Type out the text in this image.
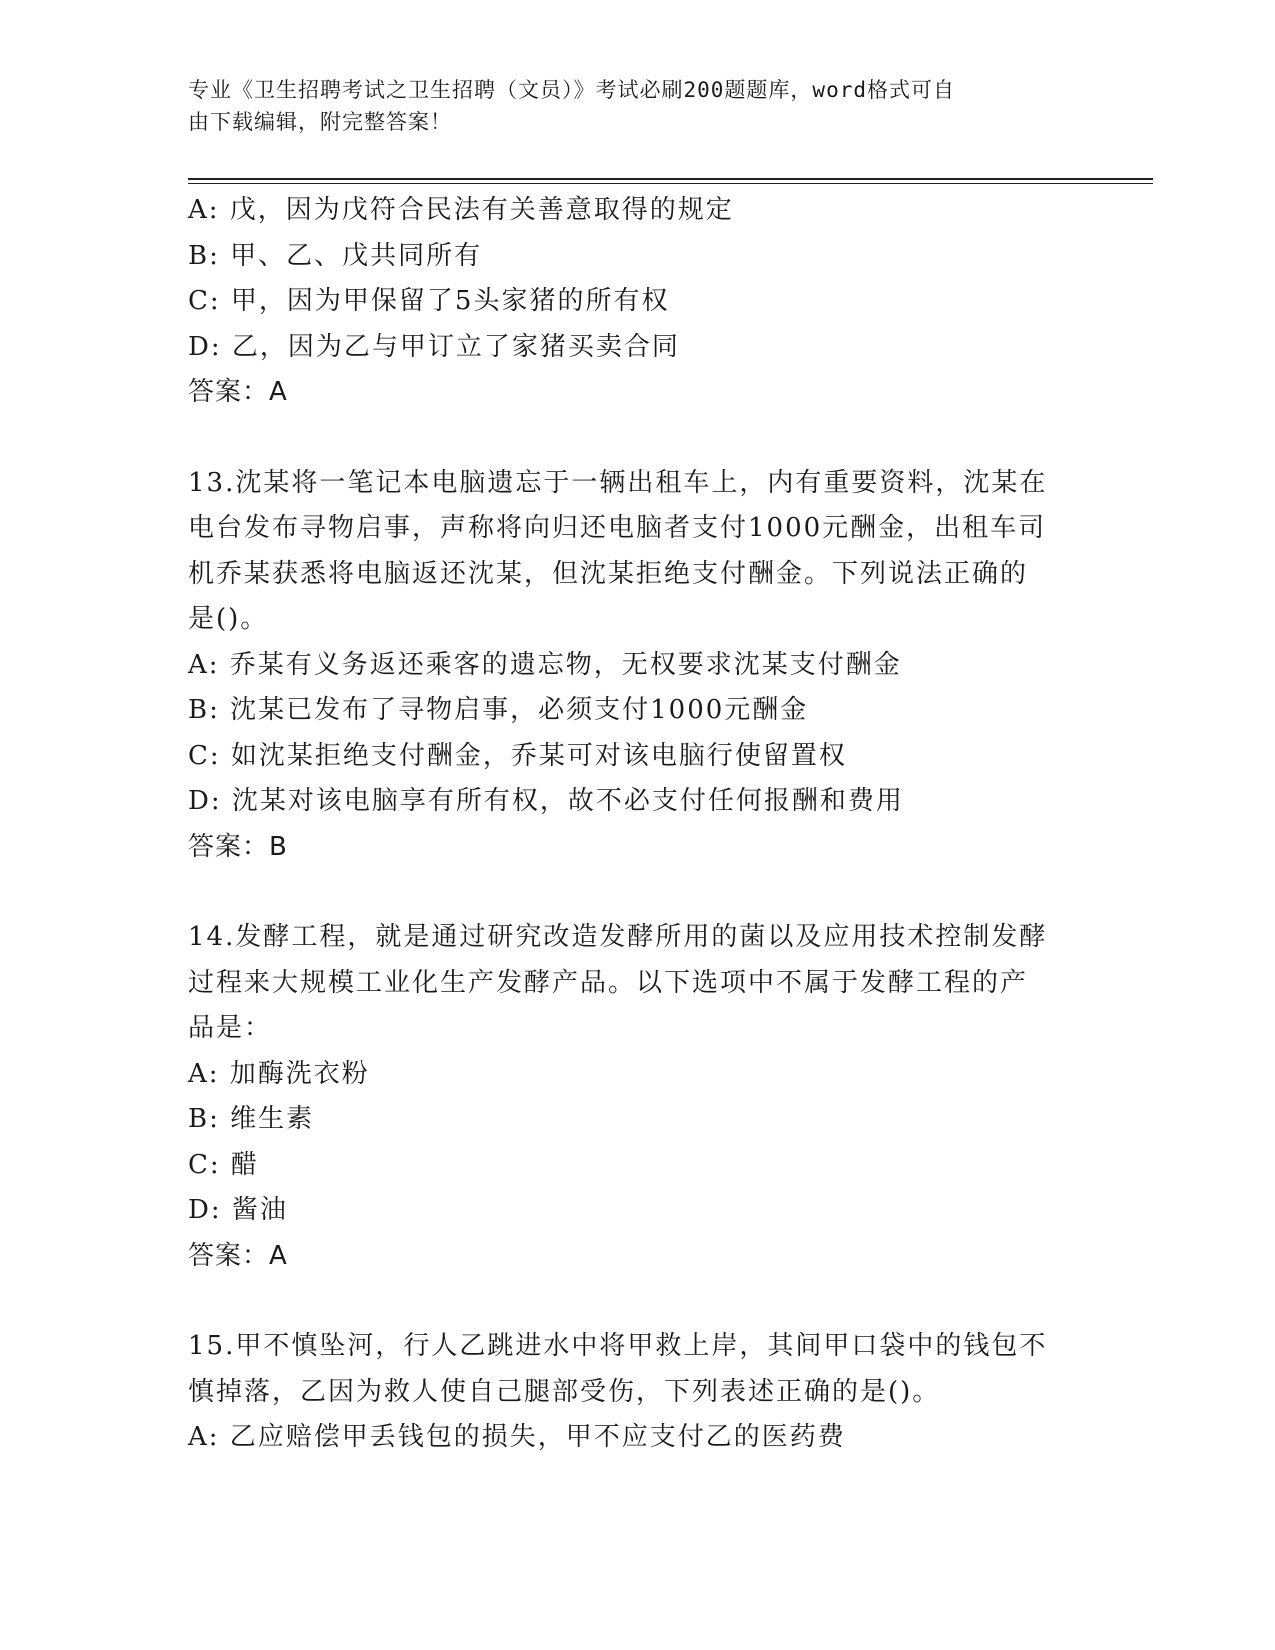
专业《卫生招聘考试之卫生招聘（文员）》考试必刷200题题库，word格式可自
由下载编辑，附完整答案！
A: 戊，因为戊符合民法有关善意取得的规定
B: 甲、乙、戊共同所有
C: 甲，因为甲保留了5头家猪的所有权
D: 乙，因为乙与甲订立了家猪买卖合同
答案：A
13.沈某将一笔记本电脑遗忘于一辆出租车上，内有重要资料，沈某在
电台发布寻物启事，声称将向归还电脑者支付1000元酬金，出租车司
机乔某获悉将电脑返还沈某，但沈某拒绝支付酬金。下列说法正确的
是()。
A: 乔某有义务返还乘客的遗忘物，无权要求沈某支付酬金
B: 沈某已发布了寻物启事，必须支付1000元酬金
C: 如沈某拒绝支付酬金，乔某可对该电脑行使留置权
D: 沈某对该电脑享有所有权，故不必支付任何报酬和费用
答案：B
14.发酵工程，就是通过研究改造发酵所用的菌以及应用技术控制发酵
过程来大规模工业化生产发酵产品。以下选项中不属于发酵工程的产
品是：
A: 加酶洗衣粉
B: 维生素
C: 醋
D: 酱油
答案：A
15.甲不慎坠河，行人乙跳进水中将甲救上岸，其间甲口袋中的钱包不
慎掉落，乙因为救人使自己腿部受伤，下列表述正确的是()。
A: 乙应赔偿甲丢钱包的损失，甲不应支付乙的医药费
